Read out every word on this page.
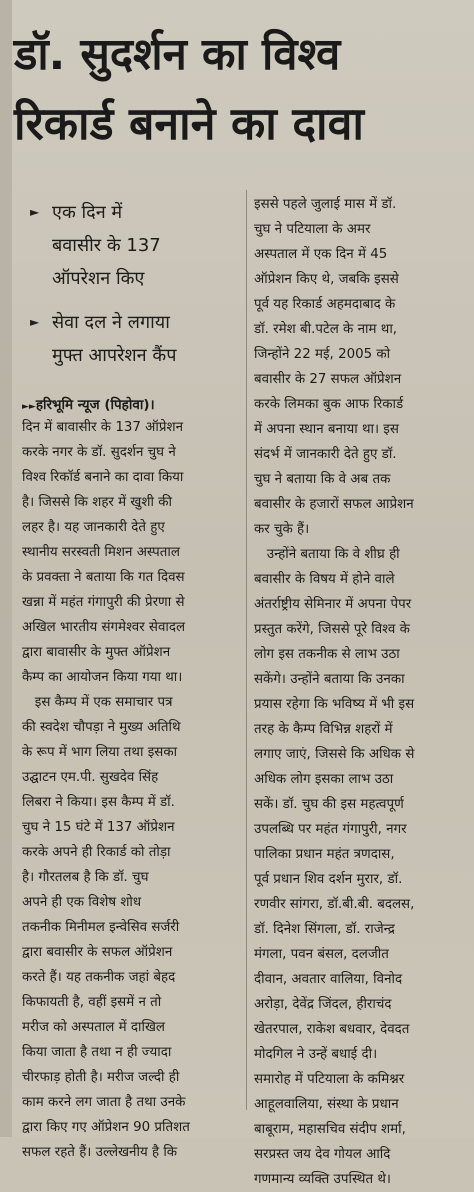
डॉ. सुदर्शन का विश्व
रिकार्ड बनाने का दावा
► एक दिन में
बवासीर के 137
ऑपरेशन किए
► सेवा दल ने लगाया
मुफ्त आपरेशन कैंप
►►हरिभूमि न्यूज (पिहोवा)।

दिन में बावासीर के 137 ऑप्रेशन

करके नगर के डॉ. सुदर्शन चुघ ने

विश्व रिकॉर्ड बनाने का दावा किया

है। जिससे कि शहर में खुशी की

लहर है। यह जानकारी देते हुए

स्थानीय सरस्वती मिशन अस्पताल

के प्रवक्ता ने बताया कि गत दिवस

खन्ना में महंत गंगापुरी की प्रेरणा से

अखिल भारतीय संगमेश्वर सेवादल

द्वारा बावासीर के मुफ्त ऑप्रेशन

कैम्प का आयोजन किया गया था।

इस कैम्प में एक समाचार पत्र

की स्वदेश चौपड़ा ने मुख्य अतिथि

के रूप में भाग लिया तथा इसका

उद्घाटन एम.पी. सुखदेव सिंह

लिबरा ने किया। इस कैम्प में डॉ.

चुघ ने 15 घंटे में 137 ऑप्रेशन

करके अपने ही रिकार्ड को तोड़ा

है। गौरतलब है कि डॉ. चुघ

अपने ही एक विशेष शोध

तकनीक मिनीमल इन्वेसिव सर्जरी

द्वारा बवासीर के सफल ऑप्रेशन

करते हैं। यह तकनीक जहां बेहद

किफायती है, वहीं इसमें न तो

मरीज को अस्पताल में दाखिल

किया जाता है तथा न ही ज्यादा

चीरफाड़ होती है। मरीज जल्दी ही

काम करने लग जाता है तथा उनके

द्वारा किए गए ऑप्रेशन 90 प्रतिशत

सफल रहते हैं। उल्लेखनीय है कि

इससे पहले जुलाई मास में डॉ.

चुघ ने पटियाला के अमर

अस्पताल में एक दिन में 45

ऑप्रेशन किए थे, जबकि इससे

पूर्व यह रिकार्ड अहमदाबाद के

डॉ. रमेश बी.पटेल के नाम था,

जिन्होंने 22 मई, 2005 को

बवासीर के 27 सफल ऑप्रेशन

करके लिमका बुक आफ रिकार्ड

में अपना स्थान बनाया था। इस

संदर्भ में जानकारी देते हुए डॉ.

चुघ ने बताया कि वे अब तक

बवासीर के हजारों सफल आप्रेशन

कर चुके हैं।

उन्होंने बताया कि वे शीघ्र ही

बवासीर के विषय में होने वाले

अंतर्राष्ट्रीय सेमिनार में अपना पेपर

प्रस्तुत करेंगे, जिससे पूरे विश्व के

लोग इस तकनीक से लाभ उठा

सकेंगे। उन्होंने बताया कि उनका

प्रयास रहेगा कि भविष्य में भी इस

तरह के कैम्प विभिन्न शहरों में

लगाए जाएं, जिससे कि अधिक से

अधिक लोग इसका लाभ उठा

सकें। डॉ. चुघ की इस महत्वपूर्ण

उपलब्धि पर महंत गंगापुरी, नगर

पालिका प्रधान महंत त्रणदास,

पूर्व प्रधान शिव दर्शन मुरार, डॉ.

रणवीर सांगरा, डॉ.बी.बी. बदलस,

डॉ. दिनेश सिंगला, डॉ. राजेन्द्र

मंगला, पवन बंसल, दलजीत

दीवान, अवतार वालिया, विनोद

अरोड़ा, देवेंद्र जिंदल, हीराचंद

खेतरपाल, राकेश बधवार, देवदत

मोदगिल ने उन्हें बधाई दी।

समारोह में पटियाला के कमिश्नर

आहूलवालिया, संस्था के प्रधान

बाबूराम, महासचिव संदीप शर्मा,

सरप्रस्त जय देव गोयल आदि

गणमान्य व्यक्ति उपस्थित थे।
